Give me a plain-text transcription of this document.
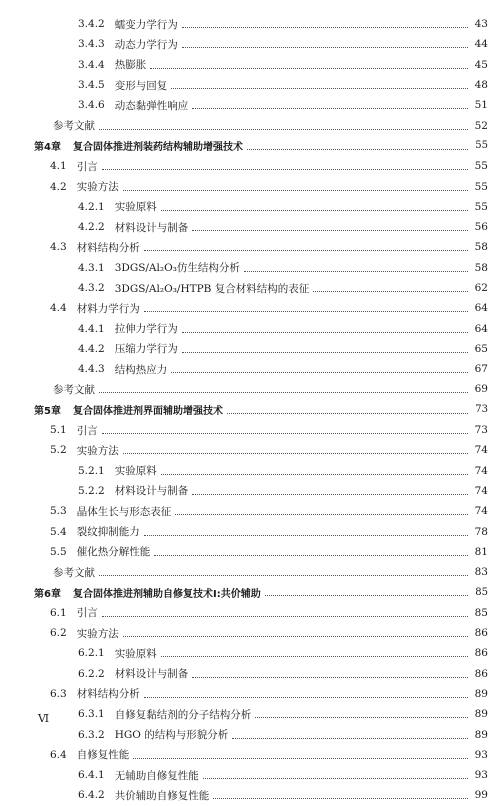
3.4.2 蠕变力学行为	43
3.4.3 动态力学行为	44
3.4.4 热膨胀	45
3.4.5 变形与回复	48
3.4.6 动态黏弹性响应	51
参考文献	52
第4章 复合固体推进剂装药结构辅助增强技术	55
4.1 引言	55
4.2 实验方法	55
4.2.1 实验原料	55
4.2.2 材料设计与制备	56
4.3 材料结构分析	58
4.3.1 3DGS/Al₂O₃仿生结构分析	58
4.3.2 3DGS/Al₂O₃/HTPB 复合材料结构的表征	62
4.4 材料力学行为	64
4.4.1 拉伸力学行为	64
4.4.2 压缩力学行为	65
4.4.3 结构热应力	67
参考文献	69
第5章 复合固体推进剂界面辅助增强技术	73
5.1 引言	73
5.2 实验方法	74
5.2.1 实验原料	74
5.2.2 材料设计与制备	74
5.3 晶体生长与形态表征	74
5.4 裂纹抑制能力	78
5.5 催化热分解性能	81
参考文献	83
第6章 复合固体推进剂辅助自修复技术Ⅰ:共价辅助	85
6.1 引言	85
6.2 实验方法	86
6.2.1 实验原料	86
6.2.2 材料设计与制备	86
6.3 材料结构分析	89
6.3.1 自修复黏结剂的分子结构分析	89
6.3.2 HGO 的结构与形貌分析	89
6.4 自修复性能	93
6.4.1 无辅助自修复性能	93
6.4.2 共价辅助自修复性能	99
Ⅵ
